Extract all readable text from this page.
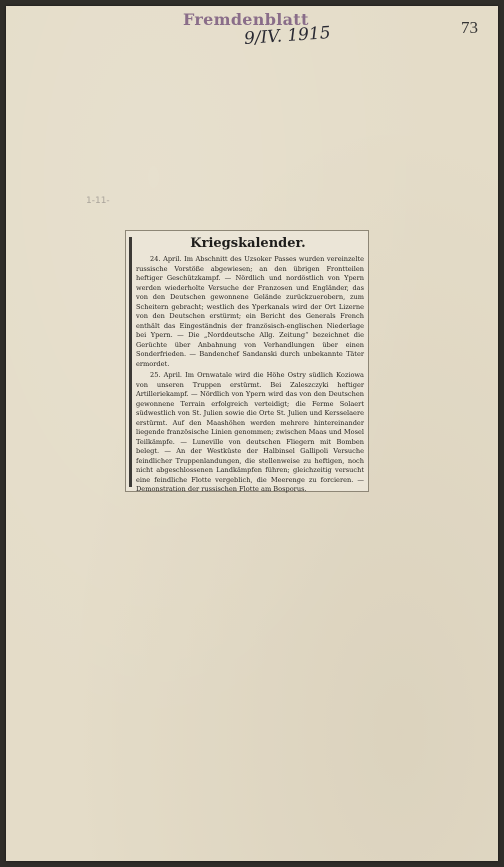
Fremdenblatt
9/IV. 1915	73
1-11-
Kriegskalender.

24. April. Im Abschnitt des Uzsoker Passes wurden vereinzelte russische Vorstöße abgewiesen; an den übrigen Frontteilen heftiger Geschützkampf. — Nördlich und nordöstlich von Ypern werden wiederholte Versuche der Franzosen und Engländer, das von den Deutschen gewonnene Gelände zurückzuerobern, zum Scheitern gebracht; westlich des Yperkanals wird der Ort Lizerne von den Deutschen erstürmt; ein Bericht des Generals French enthält das Eingeständnis der französisch-englischen Niederlage bei Ypern. — Die „Norddeutsche Allg. Zeitung“ bezeichnet die Gerüchte über Anbahnung von Verhandlungen über einen Sonderfrieden. — Bandenchef Sandanski durch unbekannte Täter ermordet.

25. April. Im Ornwatale wird die Höhe Ostry südlich Koziowa von unseren Truppen erstürmt. Bei Zaleszczyki heftiger Artilleriekampf. — Nördlich von Ypern wird das von den Deutschen gewonnene Terrain erfolgreich verteidigt; die Ferme Solaert südwestlich von St. Julien sowie die Orte St. Julien und Kersselaere erstürmt. Auf den Maashöhen werden mehrere hintereinander liegende französische Linien genommen; zwischen Maas und Mosel Teilkämpfe. — Luneville von deutschen Fliegern mit Bomben belegt. — An der Westküste der Halbinsel Gallipoli Versuche feindlicher Truppenlandungen, die stellenweise zu heftigen, noch nicht abgeschlossenen Landkämpfen führen; gleichzeitig versucht eine feindliche Flotte vergeblich, die Meerenge zu forcieren. — Demonstration der russischen Flotte am Bosporus.
